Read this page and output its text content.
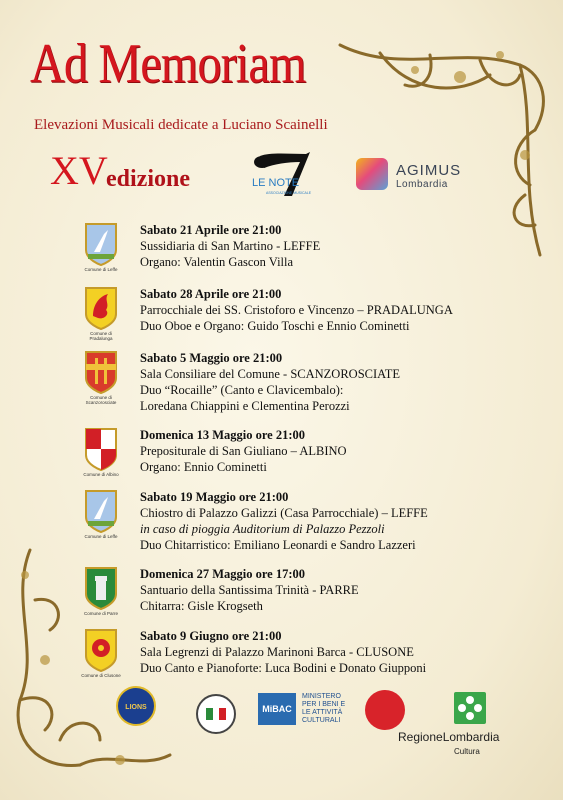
Ad Memoriam
Elevazioni Musicali dedicate a Luciano Scainelli
XV
edizione	LE NOTE
ASSOCIAZIONE MUSICALE
AGIMUS
Lombardia
Comune di Leffe
Sabato 21 Aprile ore 21:00
Sussidiaria di San Martino - LEFFE
Organo: Valentin Gascon Villa
Comune di Pradalunga
Sabato 28 Aprile ore 21:00
Parrocchiale dei SS. Cristoforo e Vincenzo – PRADALUNGA
Duo Oboe e Organo: Guido Toschi e Ennio Cominetti
Comune di Scanzorosciate
Sabato 5 Maggio ore 21:00
Sala Consiliare del Comune - SCANZOROSCIATE
Duo “Rocaille” (Canto e Clavicembalo):
Loredana Chiappini e Clementina Perozzi
Comune di Albino
Domenica 13 Maggio ore 21:00
Prepositurale di San Giuliano – ALBINO
Organo: Ennio Cominetti
Comune di Leffe
Sabato 19 Maggio ore 21:00
Chiostro di Palazzo Galizzi (Casa Parrocchiale) – LEFFE
in caso di pioggia Auditorium di Palazzo Pezzoli
Duo Chitarristico: Emiliano Leonardi e Sandro Lazzeri
Comune di Parre
Domenica 27 Maggio ore 17:00
Santuario della Santissima Trinità - PARRE
Chitarra: Gisle Krogseth
Comune di Clusone
Sabato 9 Giugno ore 21:00
Sala Legrenzi di Palazzo Marinoni Barca - CLUSONE
Duo Canto e Pianoforte: Luca Bodini e Donato Giupponi
LIONS	MiBAC
MINISTERO
PER I BENI E
LE ATTIVITÀ
CULTURALI
RegioneLombardia
Cultura
